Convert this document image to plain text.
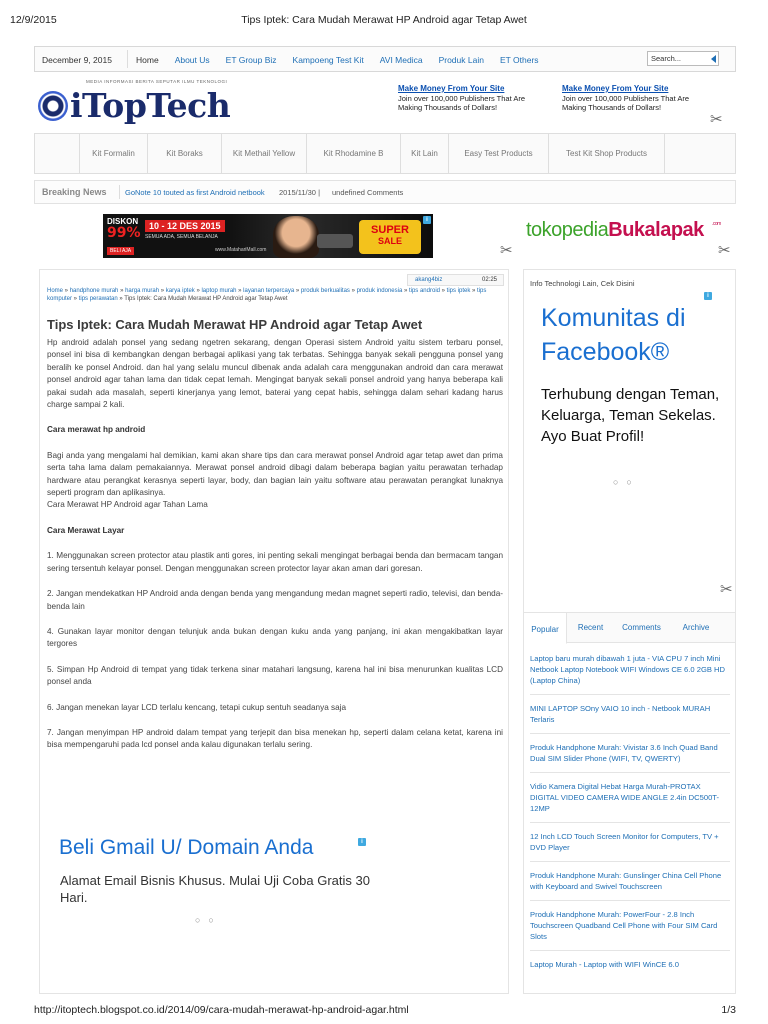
12/9/2015	Tips Iptek: Cara Mudah Merawat HP Android agar Tetap Awet
December 9, 2015	Home About Us ET Group Biz Kampoeng Test Kit AVI Medica Produk Lain ET Others	Search...
MEDIA INFORMASI BERITA SEPUTAR ILMU TEKNOLOGI
iTopTech	Make Money From Your Site
Join over 100,000 Publishers That Are Making Thousands of Dollars!
Make Money From Your Site
Join over 100,000 Publishers That Are Making Thousands of Dollars!
✂
Kit Formalin	Kit Boraks	Kit Methail Yellow	Kit Rhodamine B	Kit Lain	Easy Test Products	Test Kit Shop Products
Breaking News GoNote 10 touted as first Android netbook 2015/11/30 | undefined Comments
DISKON
99% 10 - 12 DES 2015
SEMUA ADA, SEMUA BELANJA
BELI AJA	www.MatahariMall.com
SUPER
SALE
i
✂
tokopediaBukalapak .com
✂
akang4biz	02:25
Home » handphone murah » harga murah » karya iptek » laptop murah » layanan terpercaya » produk berkualitas » produk indonesia » tips android » tips iptek » tips komputer » tips perawatan » Tips Iptek: Cara Mudah Merawat HP Android agar Tetap Awet
Tips Iptek: Cara Mudah Merawat HP Android agar Tetap Awet

Hp android adalah ponsel yang sedang ngetren sekarang, dengan Operasi sistem Android yaitu sistem terbaru ponsel, ponsel ini bisa di kembangkan dengan berbagai aplikasi yang tak terbatas. Sehingga banyak sekali pengguna ponsel yang beralih ke ponsel Android. dan hal yang selalu muncul dibenak anda adalah cara menggunakan android dan cara merawat ponsel android agar tahan lama dan tidak cepat lemah. Mengingat banyak sekali ponsel android yang hanya beberapa kali pakai sudah ada masalah, seperti kinerjanya yang lemot, baterai yang cepat habis, sehingga dalam sehari kadang harus charge sampai 2 kali.

Cara merawat hp android

Bagi anda yang mengalami hal demikian, kami akan share tips dan cara merawat ponsel Android agar tetap awet dan prima serta taha lama dalam pemakaiannya. Merawat ponsel android dibagi dalam beberapa bagian yaitu perawatan terhadap hardware atau perangkat kerasnya seperti layar, body, dan bagian lain yaitu software atau perawatan perangkat lunaknya seperti program dan aplikasinya.

Cara Merawat HP Android agar Tahan Lama

Cara Merawat Layar

1. Menggunakan screen protector atau plastik anti gores, ini penting sekali mengingat berbagai benda dan bermacam tangan sering tersentuh kelayar ponsel. Dengan menggunakan screen protector layar akan aman dari goresan.

2. Jangan mendekatkan HP Android anda dengan benda yang mengandung medan magnet seperti radio, televisi, dan benda-benda lain

4. Gunakan layar monitor dengan telunjuk anda bukan dengan kuku anda yang panjang, ini akan mengakibatkan layar tergores

5. Simpan Hp Android di tempat yang tidak terkena sinar matahari langsung, karena hal ini bisa menurunkan kualitas LCD ponsel anda

6. Jangan menekan layar LCD terlalu kencang, tetapi cukup sentuh seadanya saja

7. Jangan menyimpan HP android dalam tempat yang terjepit dan bisa menekan hp, seperti dalam celana ketat, karena ini bisa mempengaruhi pada lcd ponsel anda kalau digunakan terlalu sering.

Beli Gmail U/ Domain Anda
Alamat Email Bisnis Khusus. Mulai Uji Coba Gratis 30 Hari.
i
○○
Info Technologi Lain, Cek Disini
i
Komunitas di Facebook®
Terhubung dengan Teman, Keluarga, Teman Sekelas. Ayo Buat Profil!
○○
✂
Popular	Recent	Comments	Archive
Laptop baru murah dibawah 1 juta - VIA CPU 7 inch Mini Netbook Laptop Notebook WIFI Windows CE 6.0 2GB HD (Laptop China)
MINI LAPTOP SOny VAIO 10 inch - Netbook MURAH Terlaris
Produk Handphone Murah: Vivistar 3.6 Inch Quad Band Dual SIM Slider Phone (WIFI, TV, QWERTY)
Vidio Kamera Digital Hebat Harga Murah-PROTAX DIGITAL VIDEO CAMERA WIDE ANGLE 2.4in DC500T-12MP
12 Inch LCD Touch Screen Monitor for Computers, TV + DVD Player
Produk Handphone Murah: Gunslinger China Cell Phone with Keyboard and Swivel Touchscreen
Produk Handphone Murah: PowerFour - 2.8 Inch Touchscreen Quadband Cell Phone with Four SIM Card Slots
Laptop Murah - Laptop with WIFI WinCE 6.0
http://itoptech.blogspot.co.id/2014/09/cara-mudah-merawat-hp-android-agar.html	1/3
